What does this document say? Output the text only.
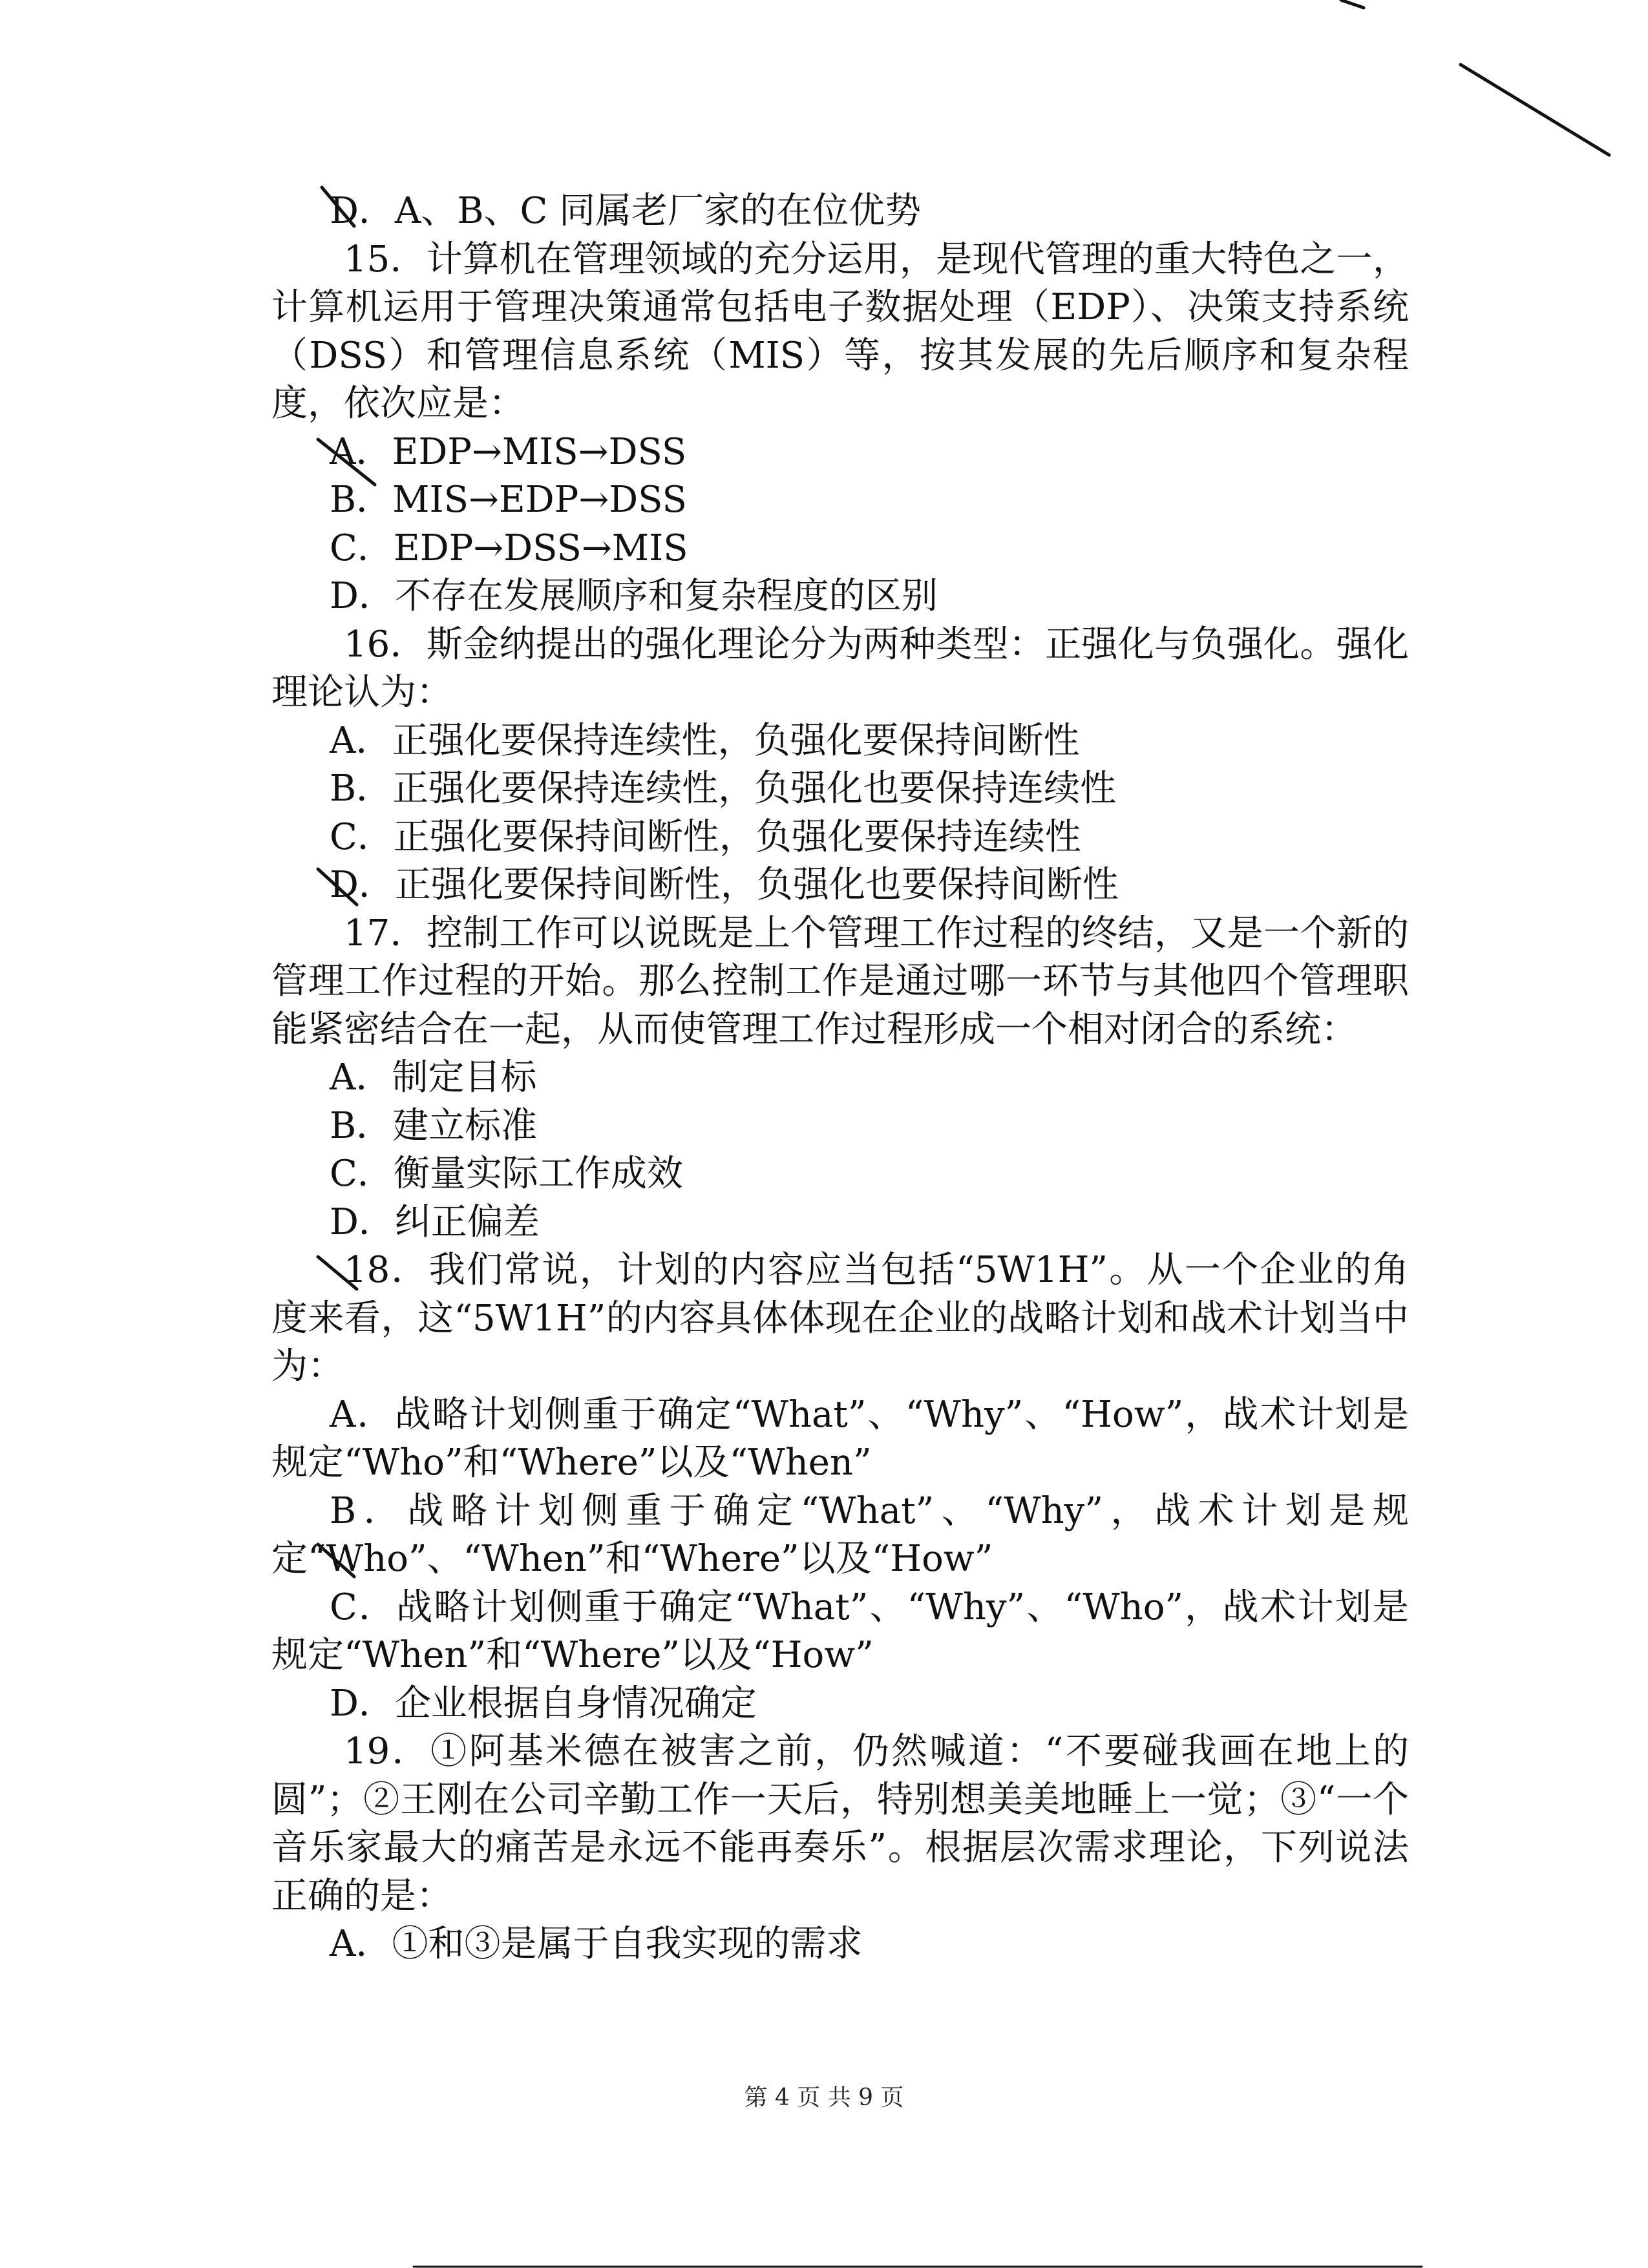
D．A、B、C 同属老厂家的在位优势

15．计算机在管理领域的充分运用，是现代管理的重大特色之一，计算机运用于管理决策通常包括电子数据处理（EDP）、决策支持系统（DSS）和管理信息系统（MIS）等，按其发展的先后顺序和复杂程度，依次应是：

A．EDP→MIS→DSS

B．MIS→EDP→DSS

C．EDP→DSS→MIS

D．不存在发展顺序和复杂程度的区别

16．斯金纳提出的强化理论分为两种类型：正强化与负强化。强化理论认为：

A．正强化要保持连续性，负强化要保持间断性

B．正强化要保持连续性，负强化也要保持连续性

C．正强化要保持间断性，负强化要保持连续性

D．正强化要保持间断性，负强化也要保持间断性

17．控制工作可以说既是上个管理工作过程的终结，又是一个新的管理工作过程的开始。那么控制工作是通过哪一环节与其他四个管理职能紧密结合在一起，从而使管理工作过程形成一个相对闭合的系统：

A．制定目标

B．建立标准

C．衡量实际工作成效

D．纠正偏差

18．我们常说，计划的内容应当包括“5W1H”。从一个企业的角度来看，这“5W1H”的内容具体体现在企业的战略计划和战术计划当中为：

A．战略计划侧重于确定“What”、“Why”、“How”，战术计划是规定“Who”和“Where”以及“When”

B．战略计划侧重于确定“What”、“Why”，战术计划是规定“Who”、“When”和“Where”以及“How”

C．战略计划侧重于确定“What”、“Why”、“Who”，战术计划是规定“When”和“Where”以及“How”

D．企业根据自身情况确定

19．①阿基米德在被害之前，仍然喊道：“不要碰我画在地上的圆”；②王刚在公司辛勤工作一天后，特别想美美地睡上一觉；③“一个音乐家最大的痛苦是永远不能再奏乐”。根据层次需求理论，下列说法正确的是：

A．①和③是属于自我实现的需求

第 4 页 共 9 页
